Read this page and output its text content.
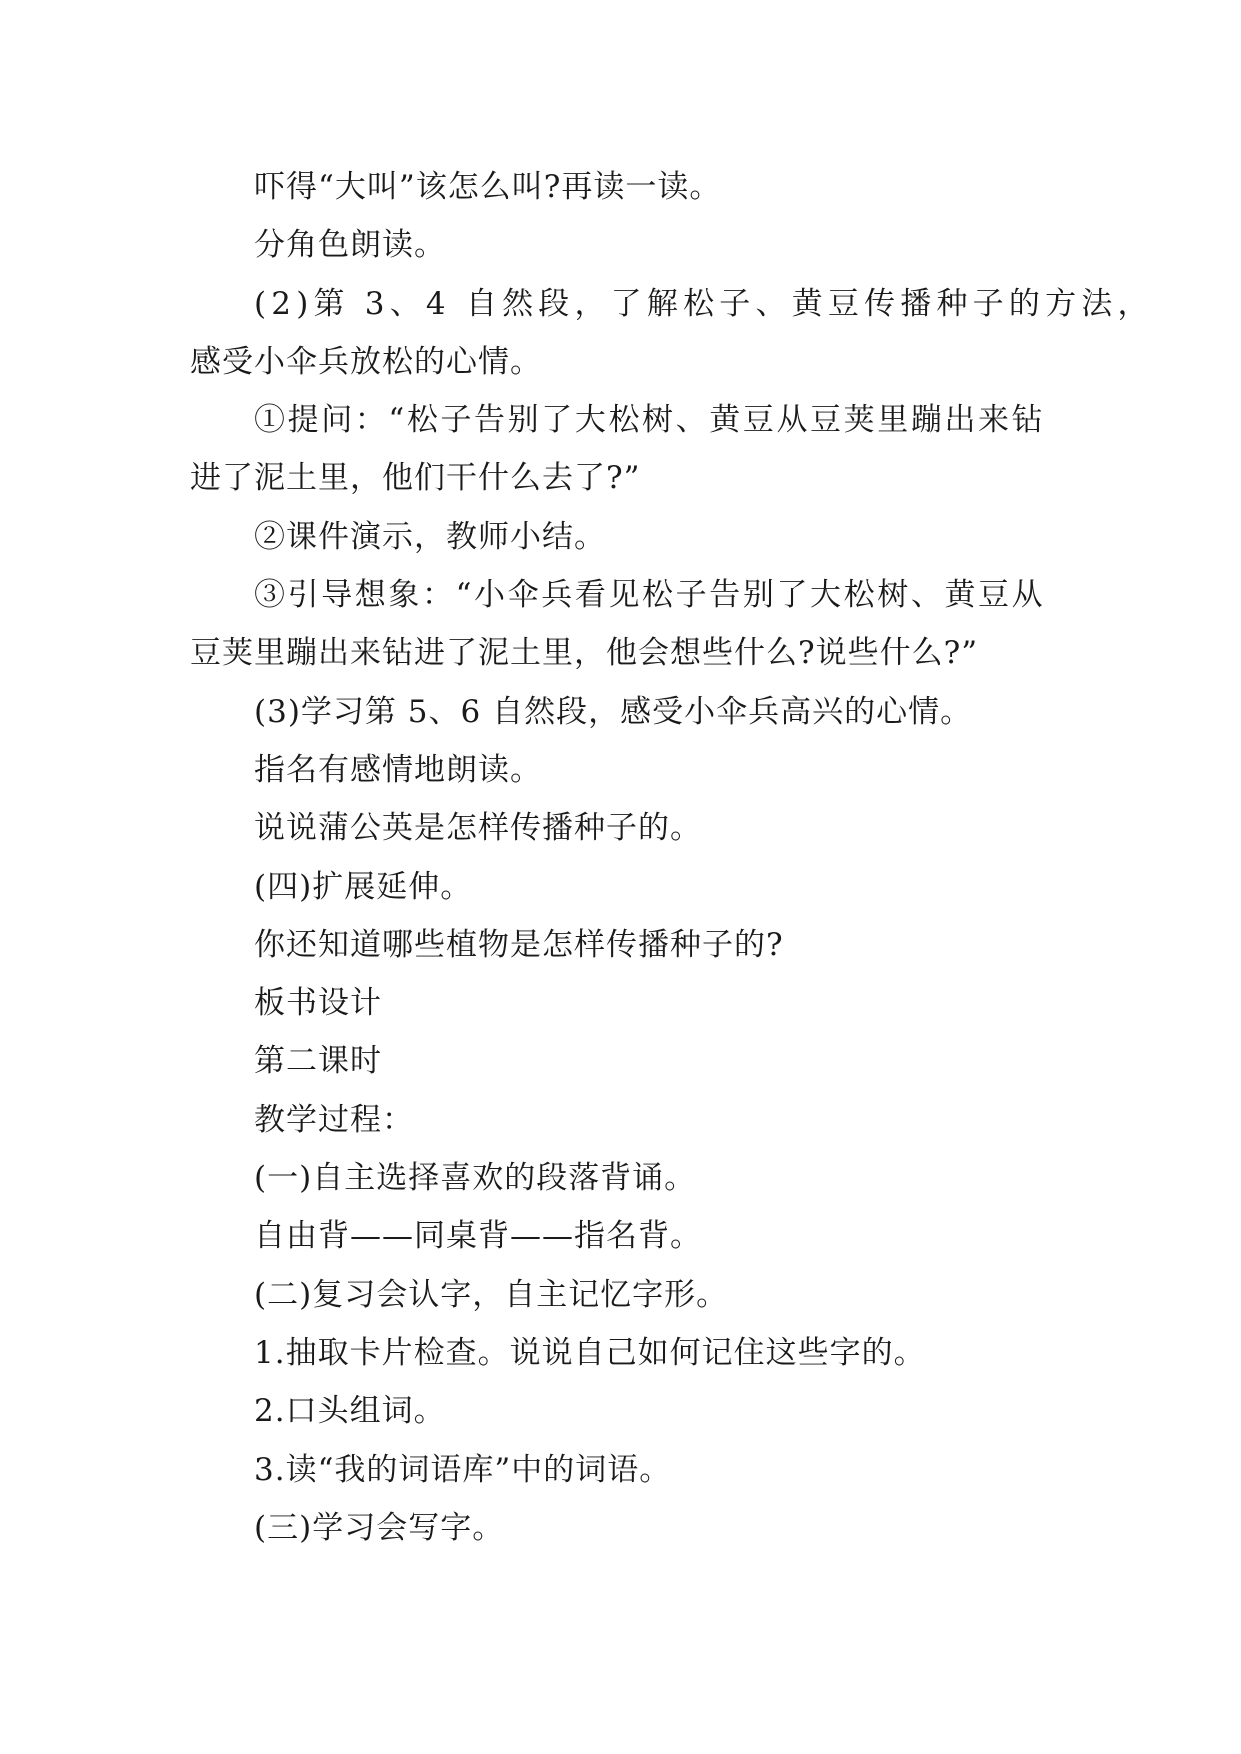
吓得“大叫”该怎么叫?再读一读。
分角色朗读。
(2)第 3、4 自然段，了解松子、黄豆传播种子的方法，
感受小伞兵放松的心情。
①提问：“松子告别了大松树、黄豆从豆荚里蹦出来钻
进了泥土里，他们干什么去了?”
②课件演示，教师小结。
③引导想象：“小伞兵看见松子告别了大松树、黄豆从
豆荚里蹦出来钻进了泥土里，他会想些什么?说些什么?”
(3)学习第 5、6 自然段，感受小伞兵高兴的心情。
指名有感情地朗读。
说说蒲公英是怎样传播种子的。
(四)扩展延伸。
你还知道哪些植物是怎样传播种子的?
板书设计
第二课时
教学过程：
(一)自主选择喜欢的段落背诵。
自由背——同桌背——指名背。
(二)复习会认字，自主记忆字形。
1.抽取卡片检查。说说自己如何记住这些字的。
2.口头组词。
3.读“我的词语库”中的词语。
(三)学习会写字。
